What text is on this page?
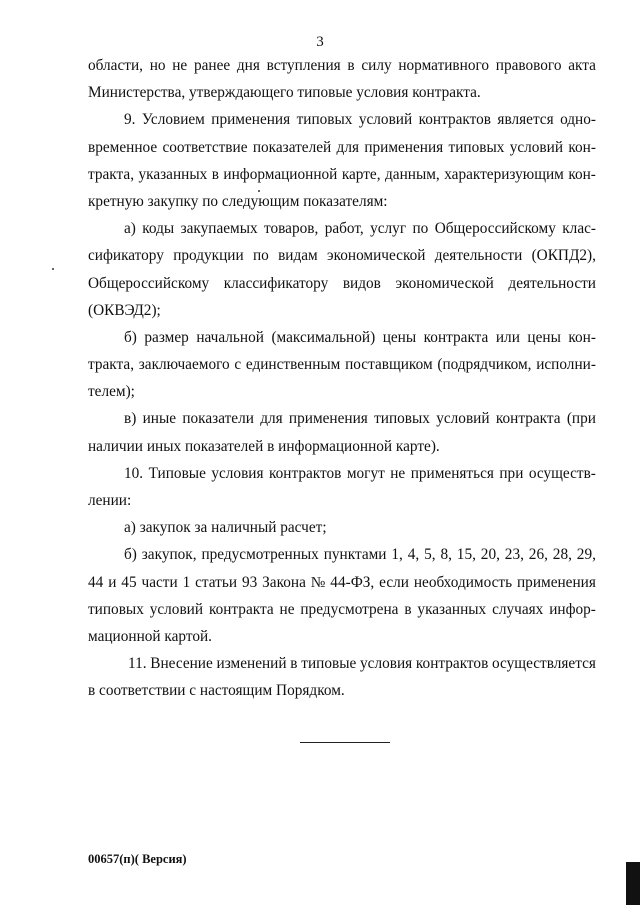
3
области, но не ранее дня вступления в силу нормативного правового акта
Министерства, утверждающего типовые условия контракта.
9. Условием применения типовых условий контрактов является одно-
временное соответствие показателей для применения типовых условий кон-
тракта, указанных в информационной карте, данным, характеризующим кон-
кретную закупку по следующим показателям:
а) коды закупаемых товаров, работ, услуг по Общероссийскому клас-
сификатору продукции по видам экономической деятельности (ОКПД2),
Общероссийскому классификатору видов экономической деятельности
(ОКВЭД2);
б) размер начальной (максимальной) цены контракта или цены кон-
тракта, заключаемого с единственным поставщиком (подрядчиком, исполни-
телем);
в) иные показатели для применения типовых условий контракта (при
наличии иных показателей в информационной карте).
10. Типовые условия контрактов могут не применяться при осуществ-
лении:
а) закупок за наличный расчет;
б) закупок, предусмотренных пунктами 1, 4, 5, 8, 15, 20, 23, 26, 28, 29,
44 и 45 части 1 статьи 93 Закона № 44-ФЗ, если необходимость применения
типовых условий контракта не предусмотрена в указанных случаях инфор-
мационной картой.
11. Внесение изменений в типовые условия контрактов осуществляется
в соответствии с настоящим Порядком.
00657(п)( Версия)
